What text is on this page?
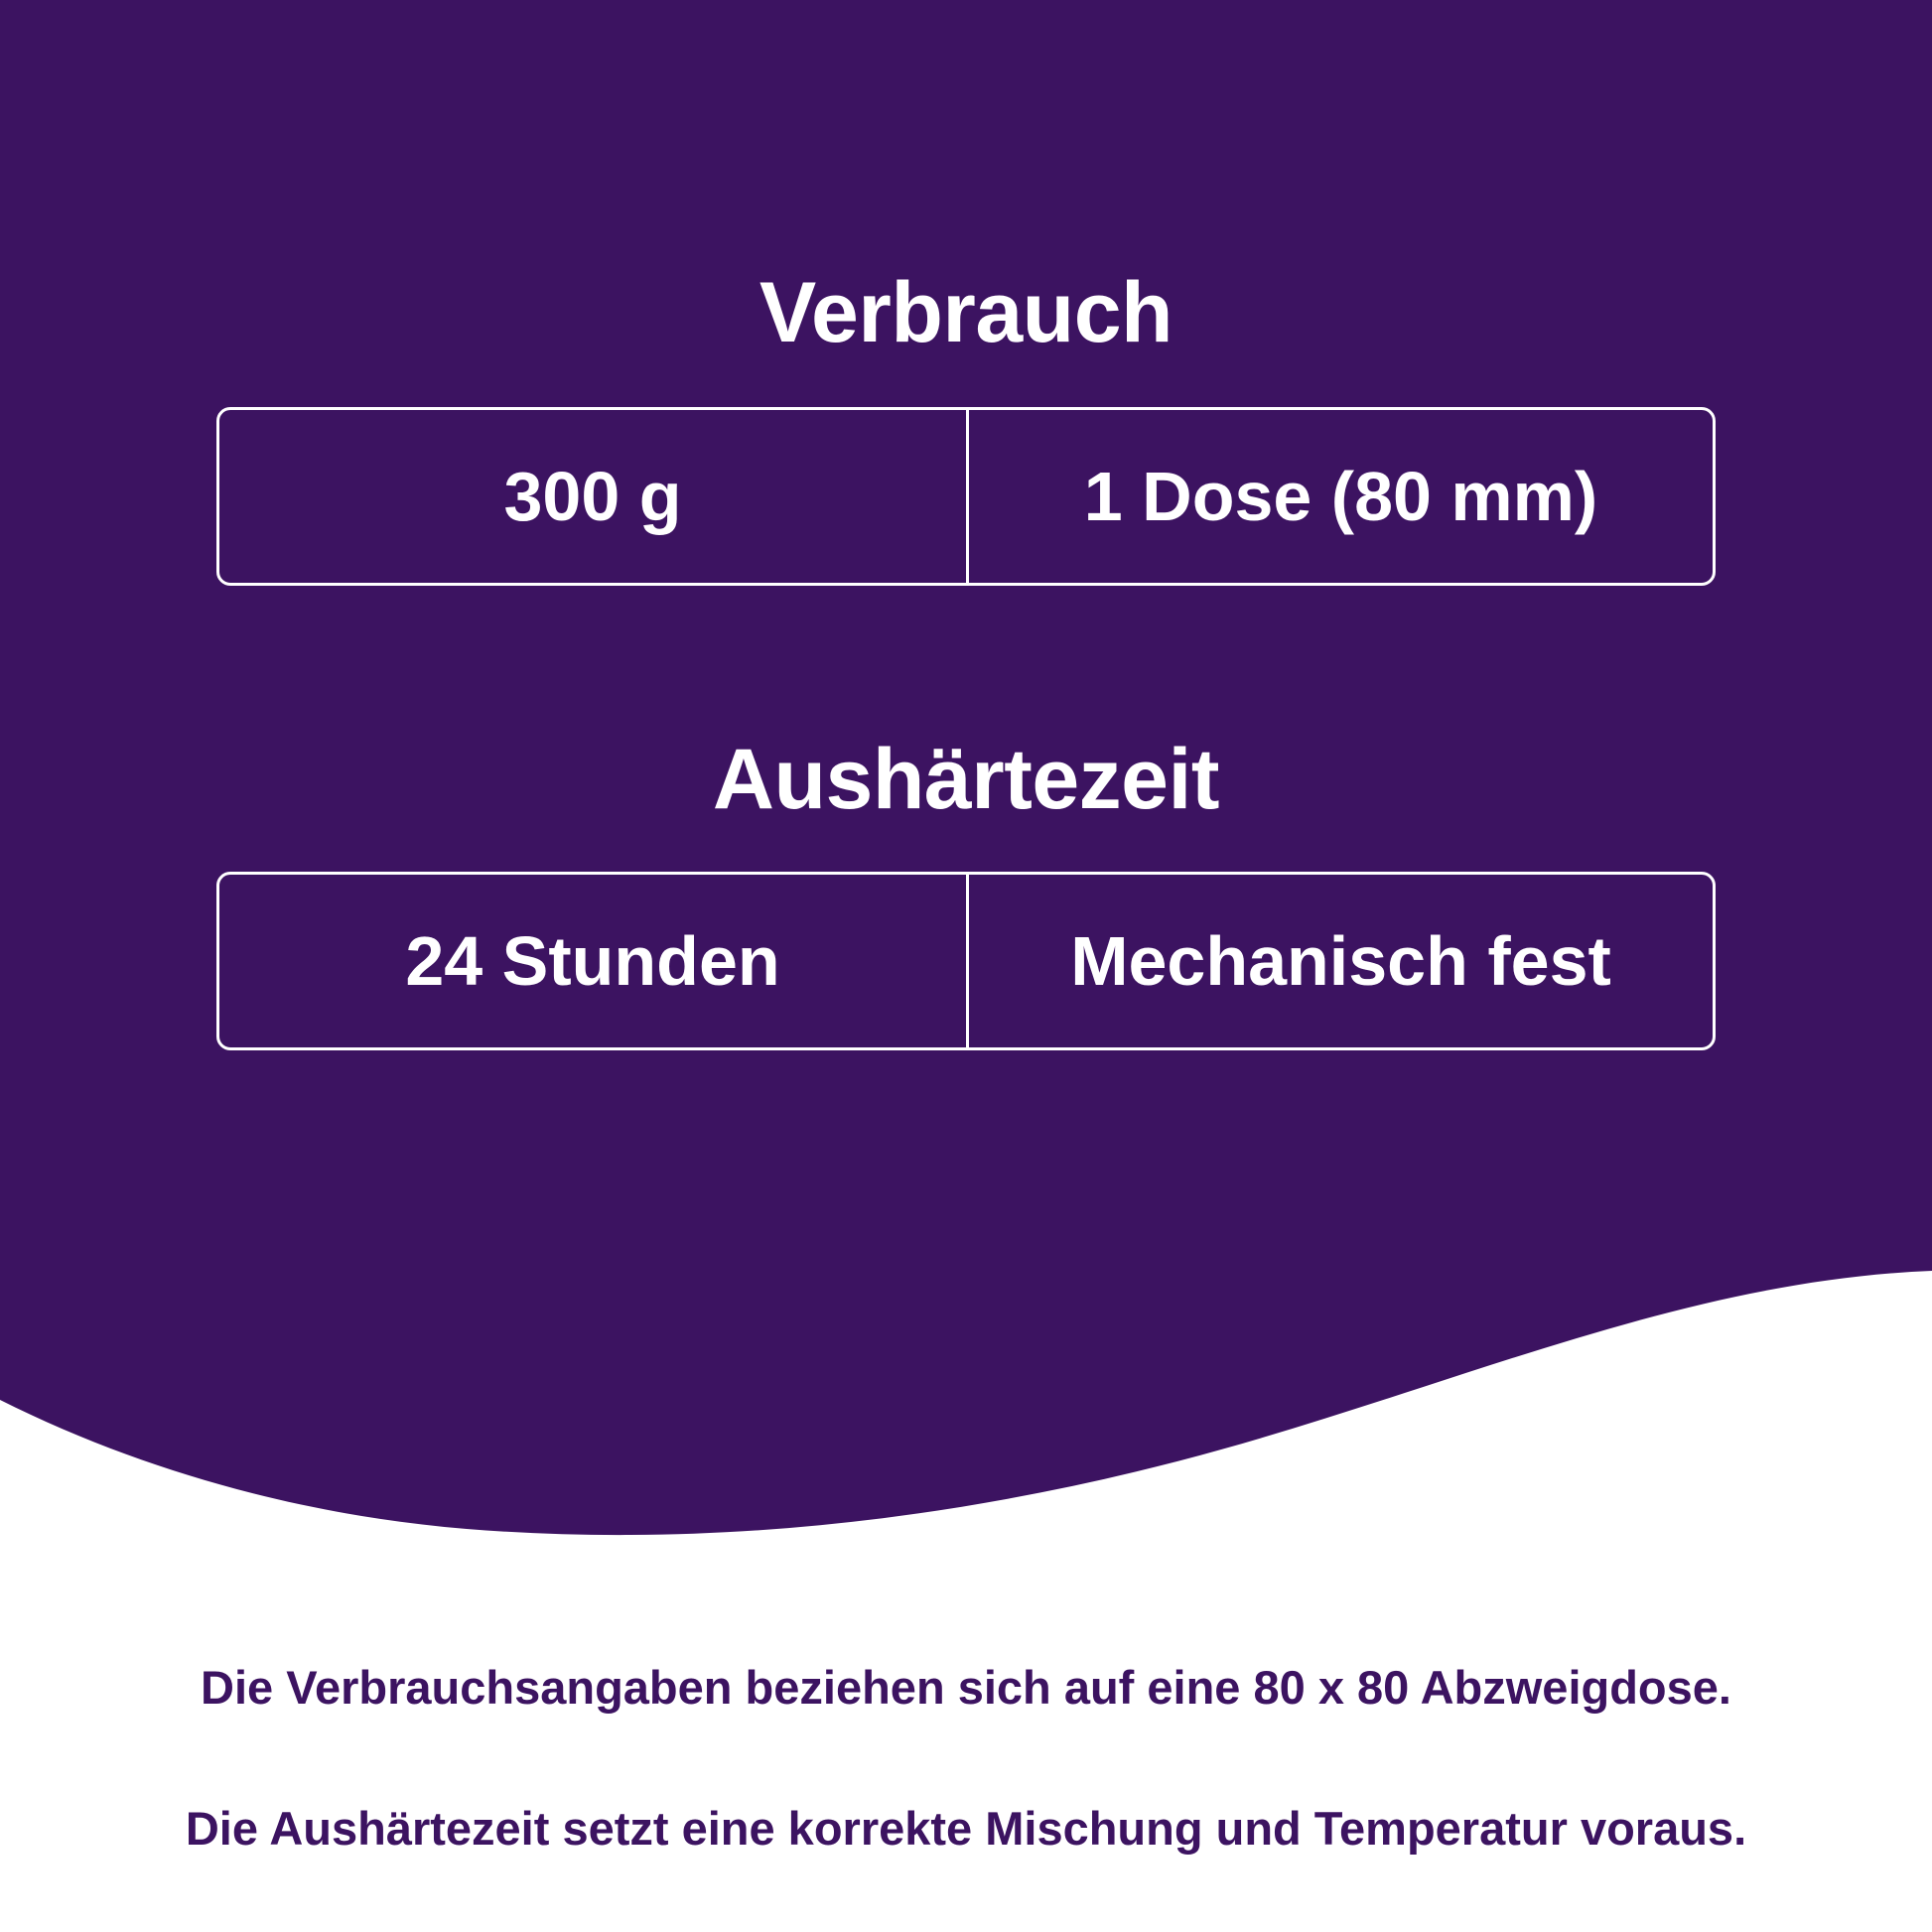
Verbrauch
300 g	1 Dose (80 mm)
Aushärtezeit
24 Stunden	Mechanisch fest
Die Verbrauchsangaben beziehen sich auf eine 80 x 80 Abzweigdose.
Die Aushärtezeit setzt eine korrekte Mischung und Temperatur voraus.
